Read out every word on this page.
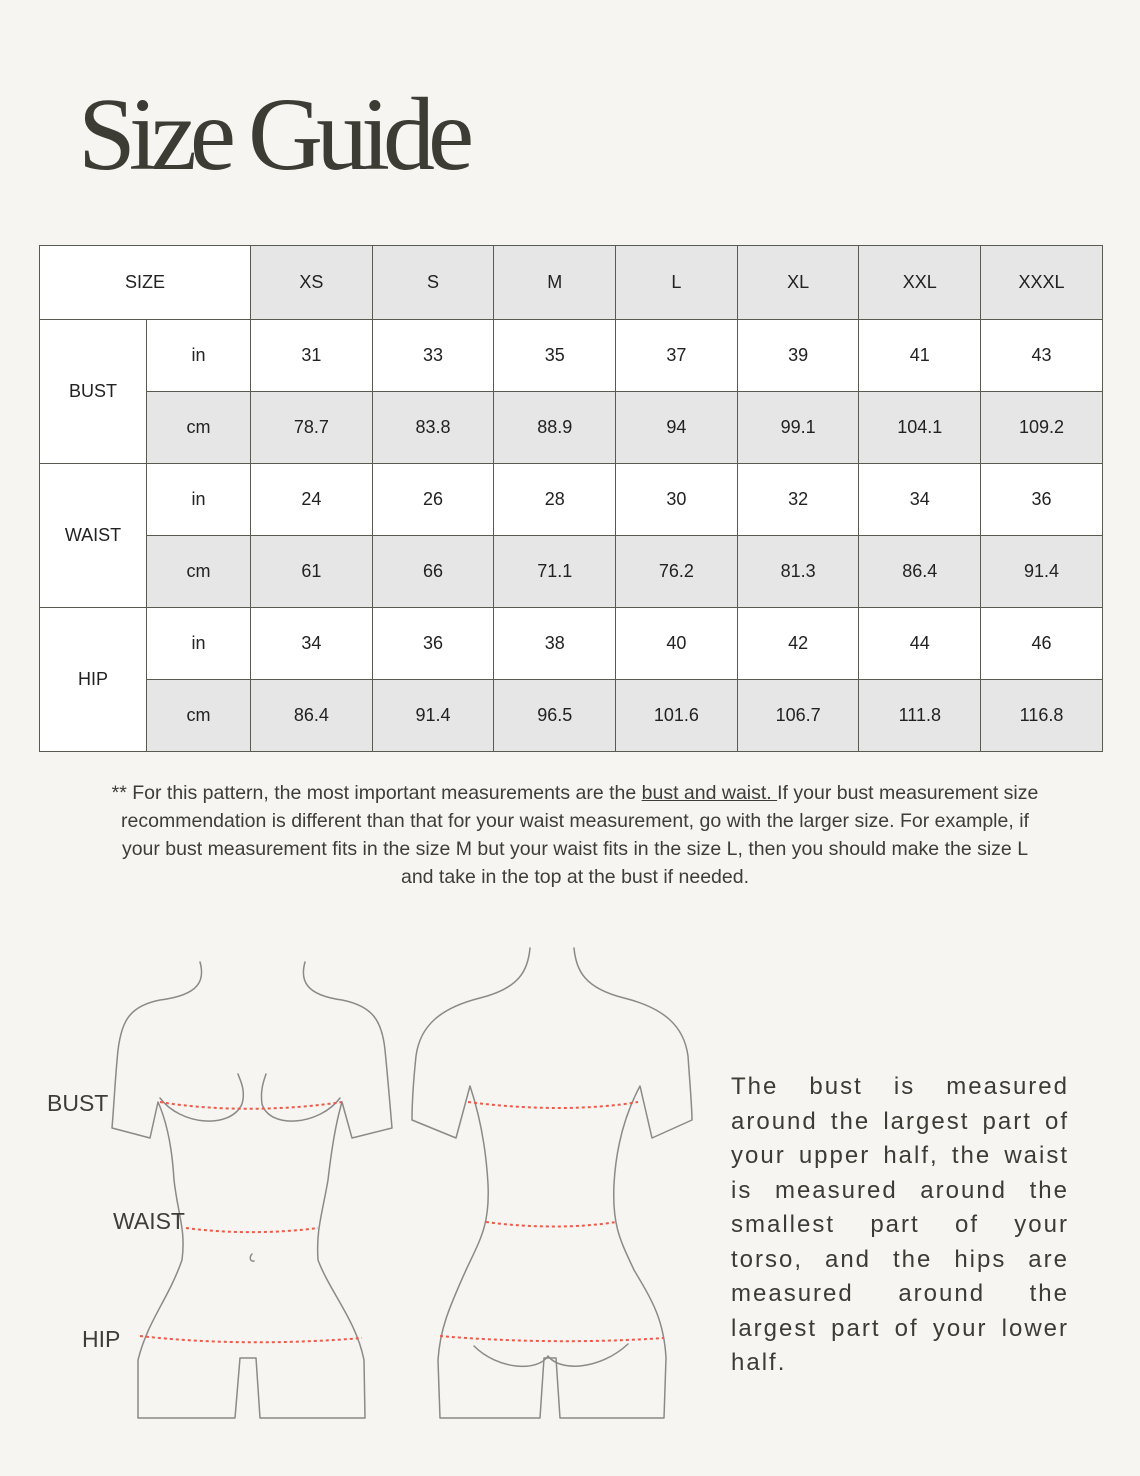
Size Guide
SIZE		XS	S	M	L	XL	XXL	XXXL
BUST	in	31	33	35	37	39	41	43
	cm	78.7	83.8	88.9	94	99.1	104.1	109.2
WAIST	in	24	26	28	30	32	34	36
	cm	61	66	71.1	76.2	81.3	86.4	91.4
HIP	in	34	36	38	40	42	44	46
	cm	86.4	91.4	96.5	101.6	106.7	111.8	116.8
** For this pattern, the most important measurements are the bust and waist. If your bust measurement size recommendation is different than that for your waist measurement, go with the larger size. For example, if your bust measurement fits in the size M but your waist fits in the size L, then you should make the size L and take in the top at the bust if needed.
BUST
WAIST
HIP
The bust is measured around the largest part of your upper half, the waist is measured around the smallest part of your torso, and the hips are measured around the largest part of your lower half.
